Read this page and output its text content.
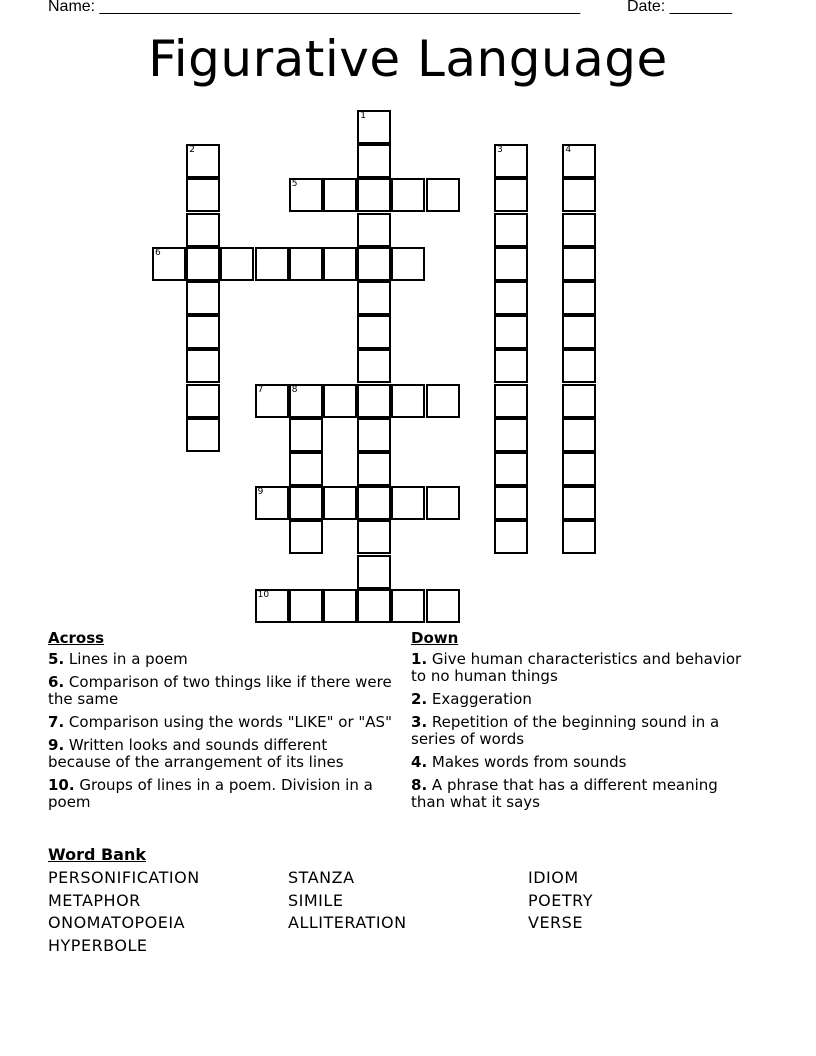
Name: ______________________________________________________	Date: _______
Figurative Language
1
2	3	4
5
6
7	8
9
10
Across
5. Lines in a poem
6. Comparison of two things like if there were the same
7. Comparison using the words "LIKE" or "AS"
9. Written looks and sounds different because of the arrangement of its lines
10. Groups of lines in a poem. Division in a poem
Down
1. Give human characteristics and behavior to no human things
2. Exaggeration
3. Repetition of the beginning sound in a series of words
4. Makes words from sounds
8. A phrase that has a different meaning than what it says
Word Bank
PERSONIFICATION
METAPHOR
ONOMATOPOEIA
HYPERBOLE
STANZA
SIMILE
ALLITERATION
IDIOM
POETRY
VERSE
